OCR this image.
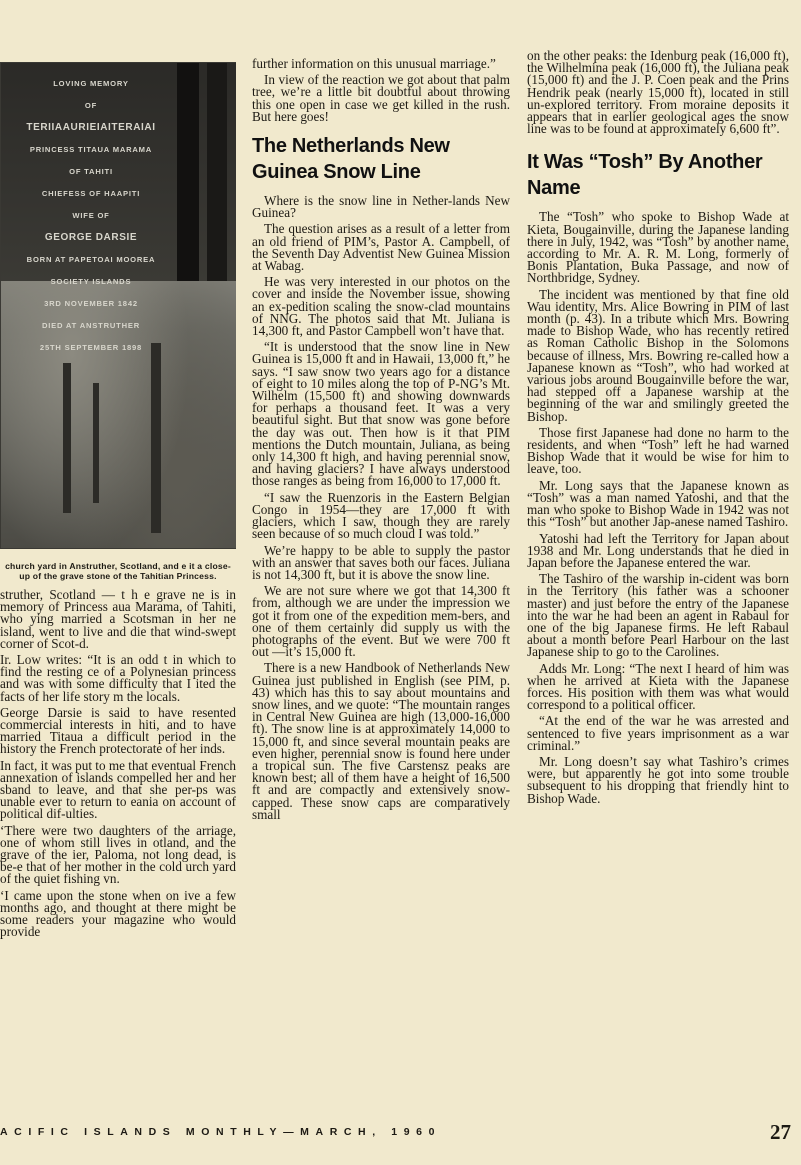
LOVING MEMORY

OF

TERIIAAURIEIAITERAIAI

PRINCESS TITAUA MARAMA

OF TAHITI

CHIEFESS OF HAAPITI

WIFE OF

GEORGE DARSIE

BORN AT PAPETOAI MOOREA

SOCIETY ISLANDS

3RD NOVEMBER 1842

DIED AT ANSTRUTHER

25TH SEPTEMBER 1898

church yard in Anstruther, Scotland, and e it a close-up of the grave stone of the Tahitian Princess.

struther, Scotland — t h e grave ne is in memory of Princess aua Marama, of Tahiti, who ying married a Scotsman in her ne island, went to live and die that wind-swept corner of Scot-d.

Ir. Low writes: “It is an odd t in which to find the resting ce of a Polynesian princess and was with some difficulty that I ited the facts of her life story m the locals.

George Darsie is said to have resented commercial interests in hiti, and to have married Titaua a difficult period in the history the French protectorate of her inds.

In fact, it was put to me that eventual French annexation of islands compelled her and her sband to leave, and that she per-ps was unable ever to return to eania on account of political dif-ulties.

‘There were two daughters of the arriage, one of whom still lives in otland, and the grave of the ier, Paloma, not long dead, is be-e that of her mother in the cold urch yard of the quiet fishing vn.

‘I came upon the stone when on ive a few months ago, and thought at there might be some readers your magazine who would provide

further information on this unusual marriage.”

In view of the reaction we got about that palm tree, we’re a little bit doubtful about throwing this one open in case we get killed in the rush. But here goes!

The Netherlands New Guinea Snow Line

Where is the snow line in Nether-lands New Guinea?

The question arises as a result of a letter from an old friend of PIM’s, Pastor A. Campbell, of the Seventh Day Adventist New Guinea Mission at Wabag.

He was very interested in our photos on the cover and inside the November issue, showing an ex-pedition scaling the snow-clad mountains of NNG. The photos said that Mt. Juliana is 14,300 ft, and Pastor Campbell won’t have that.

“It is understood that the snow line in New Guinea is 15,000 ft and in Hawaii, 13,000 ft,” he says. “I saw snow two years ago for a distance of eight to 10 miles along the top of P-NG’s Mt. Wilhelm (15,500 ft) and showing downwards for perhaps a thousand feet. It was a very beautiful sight. But that snow was gone before the day was out. Then how is it that PIM mentions the Dutch mountain, Juliana, as being only 14,300 ft high, and having perennial snow, and having glaciers? I have always understood those ranges as being from 16,000 to 17,000 ft.

“I saw the Ruenzoris in the Eastern Belgian Congo in 1954—they are 17,000 ft with glaciers, which I saw, though they are rarely seen because of so much cloud I was told.”

We’re happy to be able to supply the pastor with an answer that saves both our faces. Juliana is not 14,300 ft, but it is above the snow line.

We are not sure where we got that 14,300 ft from, although we are under the impression we got it from one of the expedition mem-bers, and one of them certainly did supply us with the photographs of the event. But we were 700 ft out —it’s 15,000 ft.

There is a new Handbook of Netherlands New Guinea just published in English (see PIM, p. 43) which has this to say about mountains and snow lines, and we quote: “The mountain ranges in Central New Guinea are high (13,000-16,000 ft). The snow line is at approximately 14,000 to 15,000 ft, and since several mountain peaks are even higher, perennial snow is found here under a tropical sun. The five Carstensz peaks are known best; all of them have a height of 16,500 ft and are compactly and extensively snow-capped. These snow caps are comparatively small

on the other peaks: the Idenburg peak (16,000 ft), the Wilhelmina peak (16,000 ft), the Juliana peak (15,000 ft) and the J. P. Coen peak and the Prins Hendrik peak (nearly 15,000 ft), located in still un-explored territory. From moraine deposits it appears that in earlier geological ages the snow line was to be found at approximately 6,600 ft”.

It Was “Tosh” By Another Name

The “Tosh” who spoke to Bishop Wade at Kieta, Bougainville, during the Japanese landing there in July, 1942, was “Tosh” by another name, according to Mr. A. R. M. Long, formerly of Bonis Plantation, Buka Passage, and now of Northbridge, Sydney.

The incident was mentioned by that fine old Wau identity, Mrs. Alice Bowring in PIM of last month (p. 43). In a tribute which Mrs. Bowring made to Bishop Wade, who has recently retired as Roman Catholic Bishop in the Solomons because of illness, Mrs. Bowring re-called how a Japanese known as “Tosh”, who had worked at various jobs around Bougainville before the war, had stepped off a Japanese warship at the beginning of the war and smilingly greeted the Bishop.

Those first Japanese had done no harm to the residents, and when “Tosh” left he had warned Bishop Wade that it would be wise for him to leave, too.

Mr. Long says that the Japanese known as “Tosh” was a man named Yatoshi, and that the man who spoke to Bishop Wade in 1942 was not this “Tosh” but another Jap-anese named Tashiro.

Yatoshi had left the Territory for Japan about 1938 and Mr. Long understands that he died in Japan before the Japanese entered the war.

The Tashiro of the warship in-cident was born in the Territory (his father was a schooner master) and just before the entry of the Japanese into the war he had been an agent in Rabaul for one of the big Japanese firms. He left Rabaul about a month before Pearl Harbour on the last Japanese ship to go to the Carolines.

Adds Mr. Long: “The next I heard of him was when he arrived at Kieta with the Japanese forces. His position with them was what would correspond to a political officer.

“At the end of the war he was arrested and sentenced to five years imprisonment as a war criminal.”

Mr. Long doesn’t say what Tashiro’s crimes were, but apparently he got into some trouble subsequent to his dropping that friendly hint to Bishop Wade.

ACIFIC ISLANDS MONTHLY—MARCH, 1960	27
